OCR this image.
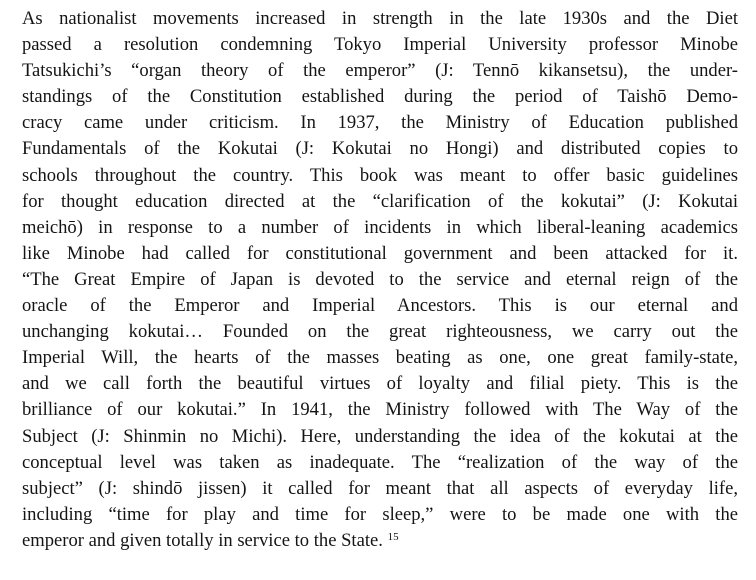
As nationalist movements increased in strength in the late 1930s and the Diet
passed a resolution condemning Tokyo Imperial University professor Minobe
Tatsukichi’s “organ theory of the emperor” (J: Tennō kikansetsu), the under-
standings of the Constitution established during the period of Taishō Demo-
cracy came under criticism. In 1937, the Ministry of Education published
Fundamentals of the Kokutai (J: Kokutai no Hongi) and distributed copies to
schools throughout the country. This book was meant to offer basic guidelines
for thought education directed at the “clarification of the kokutai” (J: Kokutai
meichō) in response to a number of incidents in which liberal-leaning academics
like Minobe had called for constitutional government and been attacked for it.
“The Great Empire of Japan is devoted to the service and eternal reign of the
oracle of the Emperor and Imperial Ancestors. This is our eternal and
unchanging kokutai… Founded on the great righteousness, we carry out the
Imperial Will, the hearts of the masses beating as one, one great family-state,
and we call forth the beautiful virtues of loyalty and filial piety. This is the
brilliance of our kokutai.” In 1941, the Ministry followed with The Way of the
Subject (J: Shinmin no Michi). Here, understanding the idea of the kokutai at the
conceptual level was taken as inadequate. The “realization of the way of the
subject” (J: shindō jissen) it called for meant that all aspects of everyday life,
including “time for play and time for sleep,” were to be made one with the
emperor and given totally in service to the State. $^{15}$
